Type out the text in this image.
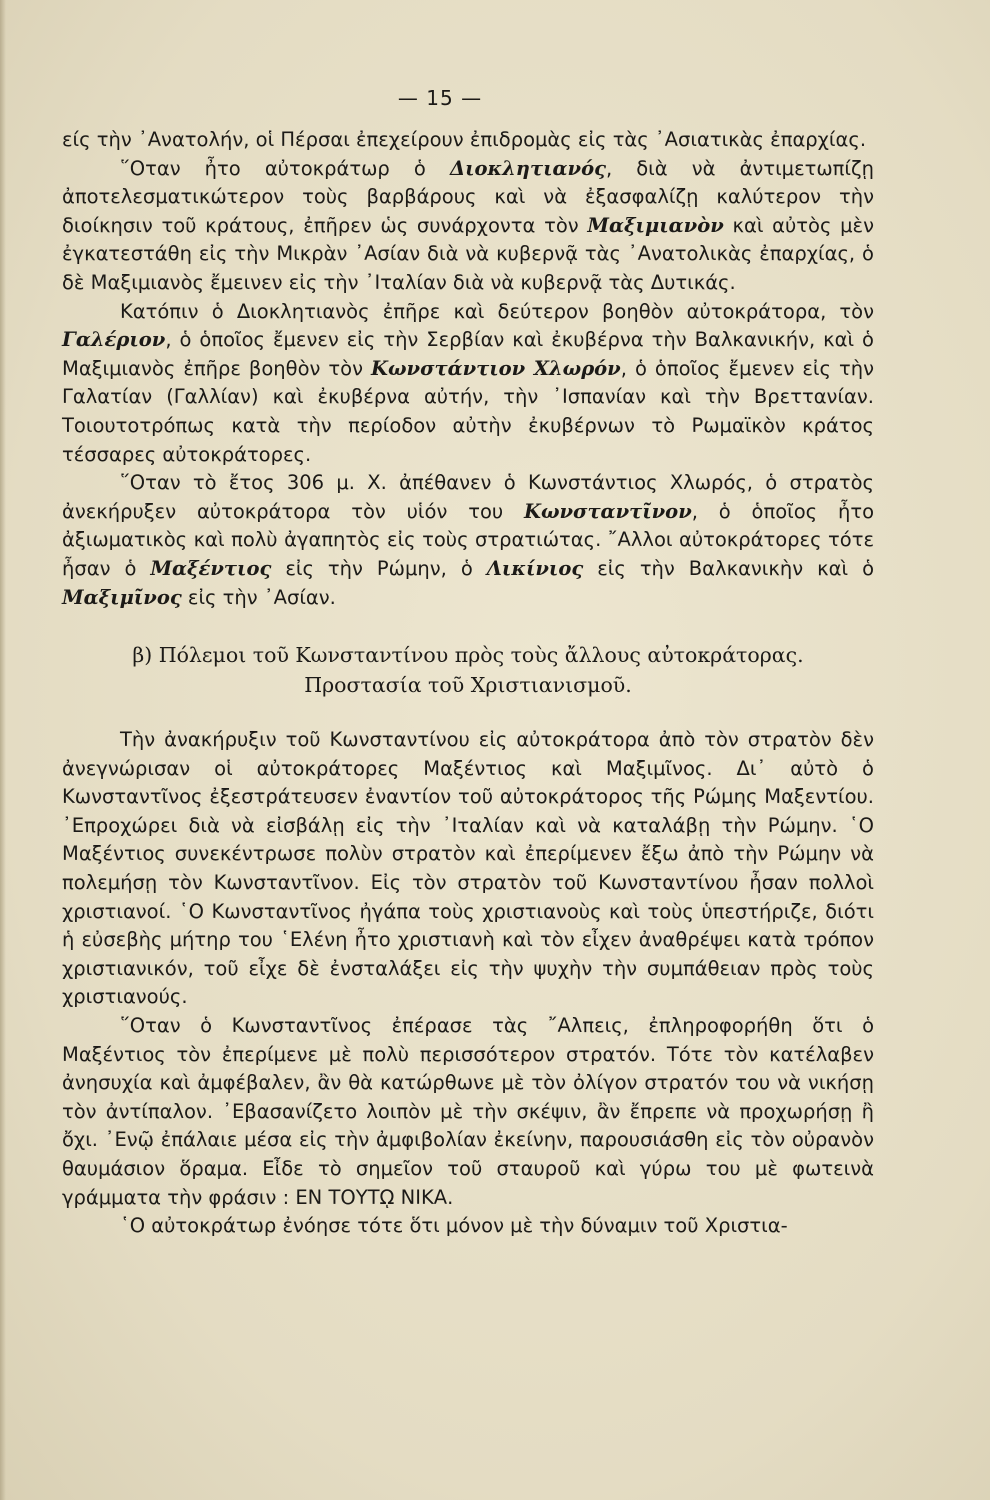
— 15 —

είς τὴν ᾿Ανατολήν, οἱ Πέρσαι ἐπεχείρουν ἐπιδρομὰς εἰς τὰς ᾿Ασιατικὰς ἐπαρχίας.

῞Οταν ἦτο αὐτοκράτωρ ὁ Διοκλητιανός, διὰ νὰ ἀντιμετωπίζῃ ἀποτελεσματικώτερον τοὺς βαρβάρους καὶ νὰ ἐξασφαλίζῃ καλύτερον τὴν διοίκησιν τοῦ κράτους, ἐπῆρεν ὡς συνάρχοντα τὸν Μαξιμιανὸν καὶ αὐτὸς μὲν ἐγκατεστάθη εἰς τὴν Μικρὰν ᾿Ασίαν διὰ νὰ κυβερνᾷ τὰς ᾿Ανατολικὰς ἐπαρχίας, ὁ δὲ Μαξιμιανὸς ἔμεινεν εἰς τὴν ᾿Ιταλίαν διὰ νὰ κυβερνᾷ τὰς Δυτικάς.

Κατόπιν ὁ Διοκλητιανὸς ἐπῆρε καὶ δεύτερον βοηθὸν αὐτοκράτορα, τὸν Γαλέριον, ὁ ὁποῖος ἔμενεν εἰς τὴν Σερβίαν καὶ ἐκυβέρνα τὴν Βαλκανικήν, καὶ ὁ Μαξιμιανὸς ἐπῆρε βοηθὸν τὸν Κωνστάντιον Χλωρόν, ὁ ὁποῖος ἔμενεν εἰς τὴν Γαλατίαν (Γαλλίαν) καὶ ἐκυβέρνα αὐτήν, τὴν ᾿Ισπανίαν καὶ τὴν Βρεττανίαν. Τοιουτοτρόπως κατὰ τὴν περίοδον αὐτὴν ἐκυβέρνων τὸ Ρωμαϊκὸν κράτος τέσσαρες αὐτοκράτορες.

῞Οταν τὸ ἔτος 306 μ. Χ. ἀπέθανεν ὁ Κωνστάντιος Χλωρός, ὁ στρατὸς ἀνεκήρυξεν αὐτοκράτορα τὸν υἱόν του Κωνσταντῖνον, ὁ ὁποῖος ἦτο ἀξιωματικὸς καὶ πολὺ ἀγαπητὸς εἰς τοὺς στρατιώτας. ῎Αλλοι αὐτοκράτορες τότε ἦσαν ὁ Μαξέντιος εἰς τὴν Ρώμην, ὁ Λικίνιος εἰς τὴν Βαλκανικὴν καὶ ὁ Μαξιμῖνος εἰς τὴν ᾿Ασίαν.

β) Πόλεμοι τοῦ Κωνσταντίνου πρὸς τοὺς ἄλλους αὐτοκράτορας.
Προστασία τοῦ Χριστιανισμοῦ.

Τὴν ἀνακήρυξιν τοῦ Κωνσταντίνου εἰς αὐτοκράτορα ἀπὸ τὸν στρατὸν δὲν ἀνεγνώρισαν οἱ αὐτοκράτορες Μαξέντιος καὶ Μαξιμῖνος. Δι᾿ αὐτὸ ὁ Κωνσταντῖνος ἐξεστράτευσεν ἐναντίον τοῦ αὐτοκράτορος τῆς Ρώμης Μαξεντίου. ᾿Επροχώρει διὰ νὰ εἰσβάλῃ εἰς τὴν ᾿Ιταλίαν καὶ νὰ καταλάβῃ τὴν Ρώμην. ῾Ο Μαξέντιος συνεκέντρωσε πολὺν στρατὸν καὶ ἐπερίμενεν ἔξω ἀπὸ τὴν Ρώμην νὰ πολεμήσῃ τὸν Κωνσταντῖνον. Εἰς τὸν στρατὸν τοῦ Κωνσταντίνου ἦσαν πολλοὶ χριστιανοί. ῾Ο Κωνσταντῖνος ἠγάπα τοὺς χριστιανοὺς καὶ τοὺς ὑπεστήριζε, διότι ἡ εὐσεβὴς μήτηρ του ῾Ελένη ἦτο χριστιανὴ καὶ τὸν εἶχεν ἀναθρέψει κατὰ τρόπον χριστιανικόν, τοῦ εἶχε δὲ ἐνσταλάξει εἰς τὴν ψυχὴν τὴν συμπάθειαν πρὸς τοὺς χριστιανούς.

῞Οταν ὁ Κωνσταντῖνος ἐπέρασε τὰς ῎Αλπεις, ἐπληροφορήθη ὅτι ὁ Μαξέντιος τὸν ἐπερίμενε μὲ πολὺ περισσότερον στρατόν. Τότε τὸν κατέλαβεν ἀνησυχία καὶ ἀμφέβαλεν, ἂν θὰ κατώρθωνε μὲ τὸν ὀλίγον στρατόν του νὰ νικήσῃ τὸν ἀντίπαλον. ᾿Εβασανίζετο λοιπὸν μὲ τὴν σκέψιν, ἂν ἔπρεπε νὰ προχωρήσῃ ἢ ὄχι. ᾿Ενῷ ἐπάλαιε μέσα εἰς τὴν ἀμφιβολίαν ἐκείνην, παρουσιάσθη εἰς τὸν οὐρανὸν θαυμάσιον ὅραμα. Εἶδε τὸ σημεῖον τοῦ σταυροῦ καὶ γύρω του μὲ φωτεινὰ γράμματα τὴν φράσιν : ΕΝ ΤΟΥΤῼ ΝΙΚΑ.

῾Ο αὐτοκράτωρ ἐνόησε τότε ὅτι μόνον μὲ τὴν δύναμιν τοῦ Χριστια-
